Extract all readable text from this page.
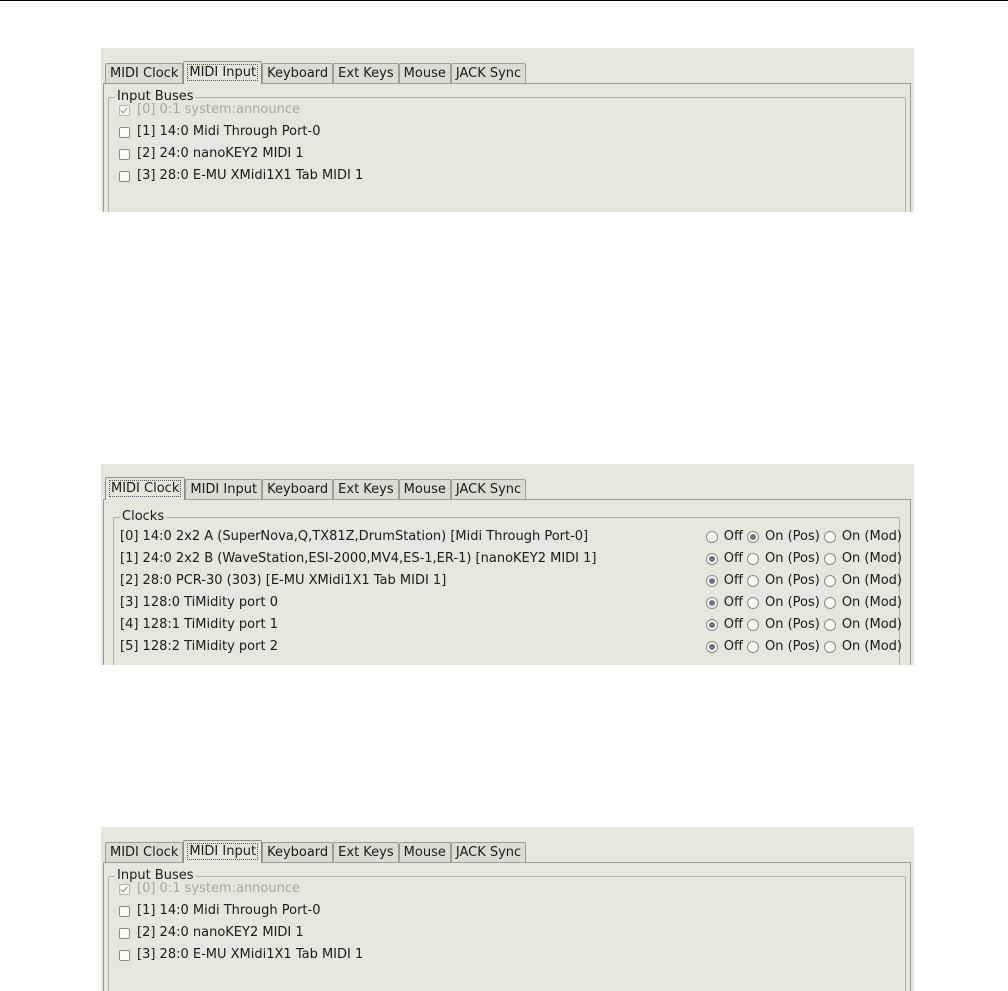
MIDI Clock MIDI Input Keyboard Ext Keys Mouse JACK Sync
Input Buses
[0] 0:1 system:announce
[1] 14:0 Midi Through Port-0
[2] 24:0 nanoKEY2 MIDI 1
[3] 28:0 E-MU XMidi1X1 Tab MIDI 1
MIDI Clock MIDI Input Keyboard Ext Keys Mouse JACK Sync
Clocks
[0] 14:0 2x2 A (SuperNova,Q,TX81Z,DrumStation) [Midi Through Port-0]	Off On (Pos) On (Mod)
[1] 24:0 2x2 B (WaveStation,ESI-2000,MV4,ES-1,ER-1) [nanoKEY2 MIDI 1]	Off On (Pos) On (Mod)
[2] 28:0 PCR-30 (303) [E-MU XMidi1X1 Tab MIDI 1]	Off On (Pos) On (Mod)
[3] 128:0 TiMidity port 0	Off On (Pos) On (Mod)
[4] 128:1 TiMidity port 1	Off On (Pos) On (Mod)
[5] 128:2 TiMidity port 2	Off On (Pos) On (Mod)
MIDI Clock MIDI Input Keyboard Ext Keys Mouse JACK Sync
Input Buses
[0] 0:1 system:announce
[1] 14:0 Midi Through Port-0
[2] 24:0 nanoKEY2 MIDI 1
[3] 28:0 E-MU XMidi1X1 Tab MIDI 1
